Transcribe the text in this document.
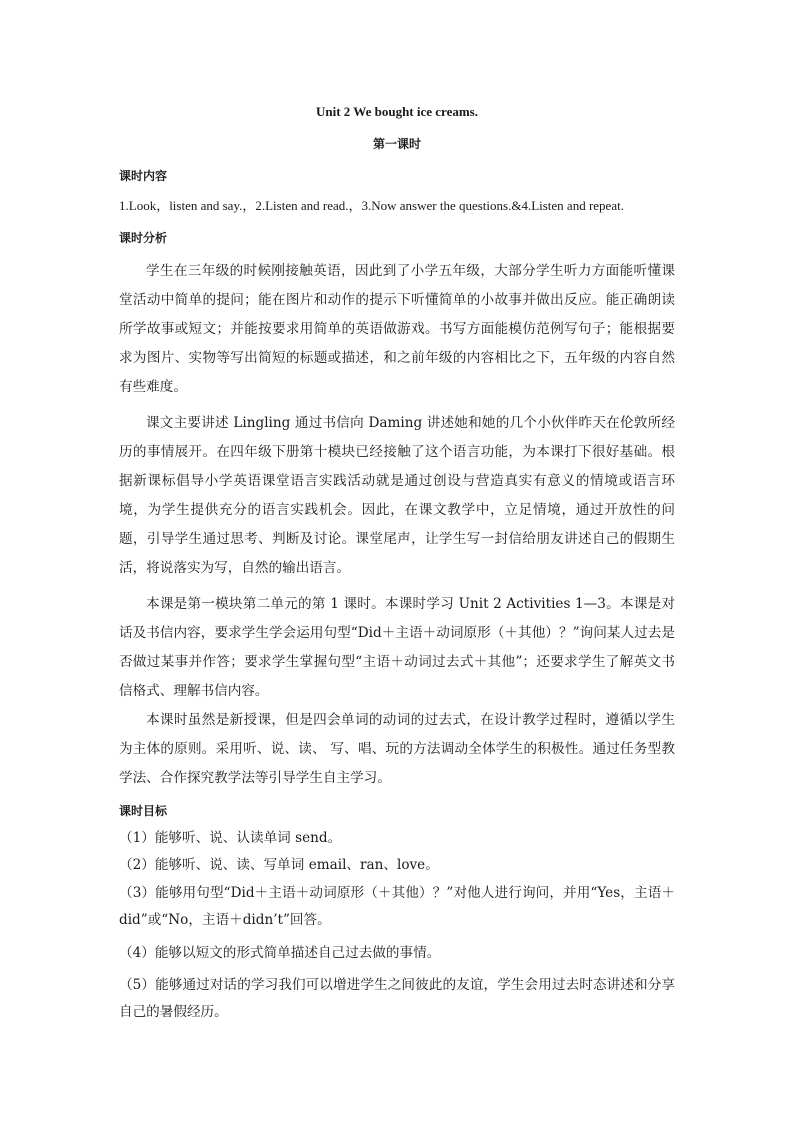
Unit 2 We bought ice creams.
第一课时
课时内容
1.Look，listen and say.，2.Listen and read.，3.Now answer the questions.&4.Listen and repeat.
课时分析

学生在三年级的时候刚接触英语，因此到了小学五年级，大部分学生听力方面能听懂课堂活动中简单的提问；能在图片和动作的提示下听懂简单的小故事并做出反应。能正确朗读所学故事或短文；并能按要求用简单的英语做游戏。书写方面能模仿范例写句子；能根据要求为图片、实物等写出简短的标题或描述，和之前年级的内容相比之下，五年级的内容自然有些难度。

课文主要讲述 Lingling 通过书信向 Daming 讲述她和她的几个小伙伴昨天在伦敦所经历的事情展开。在四年级下册第十模块已经接触了这个语言功能，为本课打下很好基础。根据新课标倡导小学英语课堂语言实践活动就是通过创设与营造真实有意义的情境或语言环境，为学生提供充分的语言实践机会。因此，在课文教学中，立足情境，通过开放性的问题，引导学生通过思考、判断及讨论。课堂尾声，让学生写一封信给朋友讲述自己的假期生活，将说落实为写，自然的输出语言。

本课是第一模块第二单元的第 1 课时。本课时学习 Unit 2 Activities 1—3。本课是对话及书信内容，要求学生学会运用句型“Did＋主语＋动词原形（＋其他）？”询问某人过去是否做过某事并作答；要求学生掌握句型“主语＋动词过去式＋其他”；还要求学生了解英文书信格式、理解书信内容。

本课时虽然是新授课，但是四会单词的动词的过去式，在设计教学过程时，遵循以学生为主体的原则。采用听、说、读、 写、唱、玩的方法调动全体学生的积极性。通过任务型教学法、合作探究教学法等引导学生自主学习。

课时目标

（1）能够听、说、认读单词 send。

（2）能够听、说、读、写单词 email、ran、love。

（3）能够用句型“Did＋主语＋动词原形（＋其他）？”对他人进行询问，并用“Yes，主语＋did”或“No，主语＋didn’t”回答。

（4）能够以短文的形式简单描述自己过去做的事情。

（5）能够通过对话的学习我们可以增进学生之间彼此的友谊，学生会用过去时态讲述和分享自己的暑假经历。
